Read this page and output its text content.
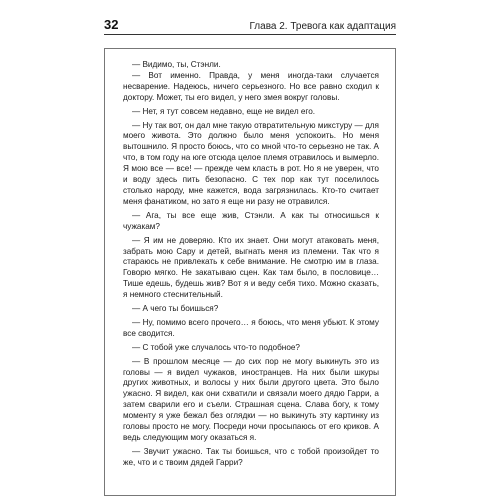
32	Глава 2. Тревога как адаптация

— Видимо, ты, Стэнли.

— Вот именно. Правда, у меня иногда-таки случается несварение. Надеюсь, ничего серьезного. Но все равно сходил к доктору. Может, ты его видел, у него змея вокруг головы.

— Нет, я тут совсем недавно, еще не видел его.

— Ну так вот, он дал мне такую отвратительную микстуру — для моего живота. Это должно было меня успокоить. Но меня вытошнило. Я просто боюсь, что со мной что-то серьезно не так. А что, в том году на юге отсюда целое племя отравилось и вымерло. Я мою все — все! — прежде чем класть в рот. Но я не уверен, что и воду здесь пить безопасно. С тех пор как тут поселилось столько народу, мне кажется, вода загрязнилась. Кто-то считает меня фанатиком, но зато я еще ни разу не отравился.

— Ага, ты все еще жив, Стэнли. А как ты относишься к чужакам?

— Я им не доверяю. Кто их знает. Они могут атаковать меня, забрать мою Сару и детей, выгнать меня из племени. Так что я стараюсь не привлекать к себе внимание. Не смотрю им в глаза. Говорю мягко. Не закатываю сцен. Как там было, в пословице… Тише едешь, будешь жив? Вот я и веду себя тихо. Можно сказать, я немного стеснительный.

— А чего ты боишься?

— Ну, помимо всего прочего… я боюсь, что меня убьют. К этому все сводится.

— С тобой уже случалось что-то подобное?

— В прошлом месяце — до сих пор не могу выкинуть это из головы — я видел чужаков, иностранцев. На них были шкуры других животных, и волосы у них были другого цвета. Это было ужасно. Я видел, как они схватили и связали моего дядю Гарри, а затем сварили его и съели. Страшная сцена. Слава богу, к тому моменту я уже бежал без оглядки — но выкинуть эту картинку из головы просто не могу. Посреди ночи просыпаюсь от его криков. А ведь следующим могу оказаться я.

— Звучит ужасно. Так ты боишься, что с тобой произойдет то же, что и с твоим дядей Гарри?
